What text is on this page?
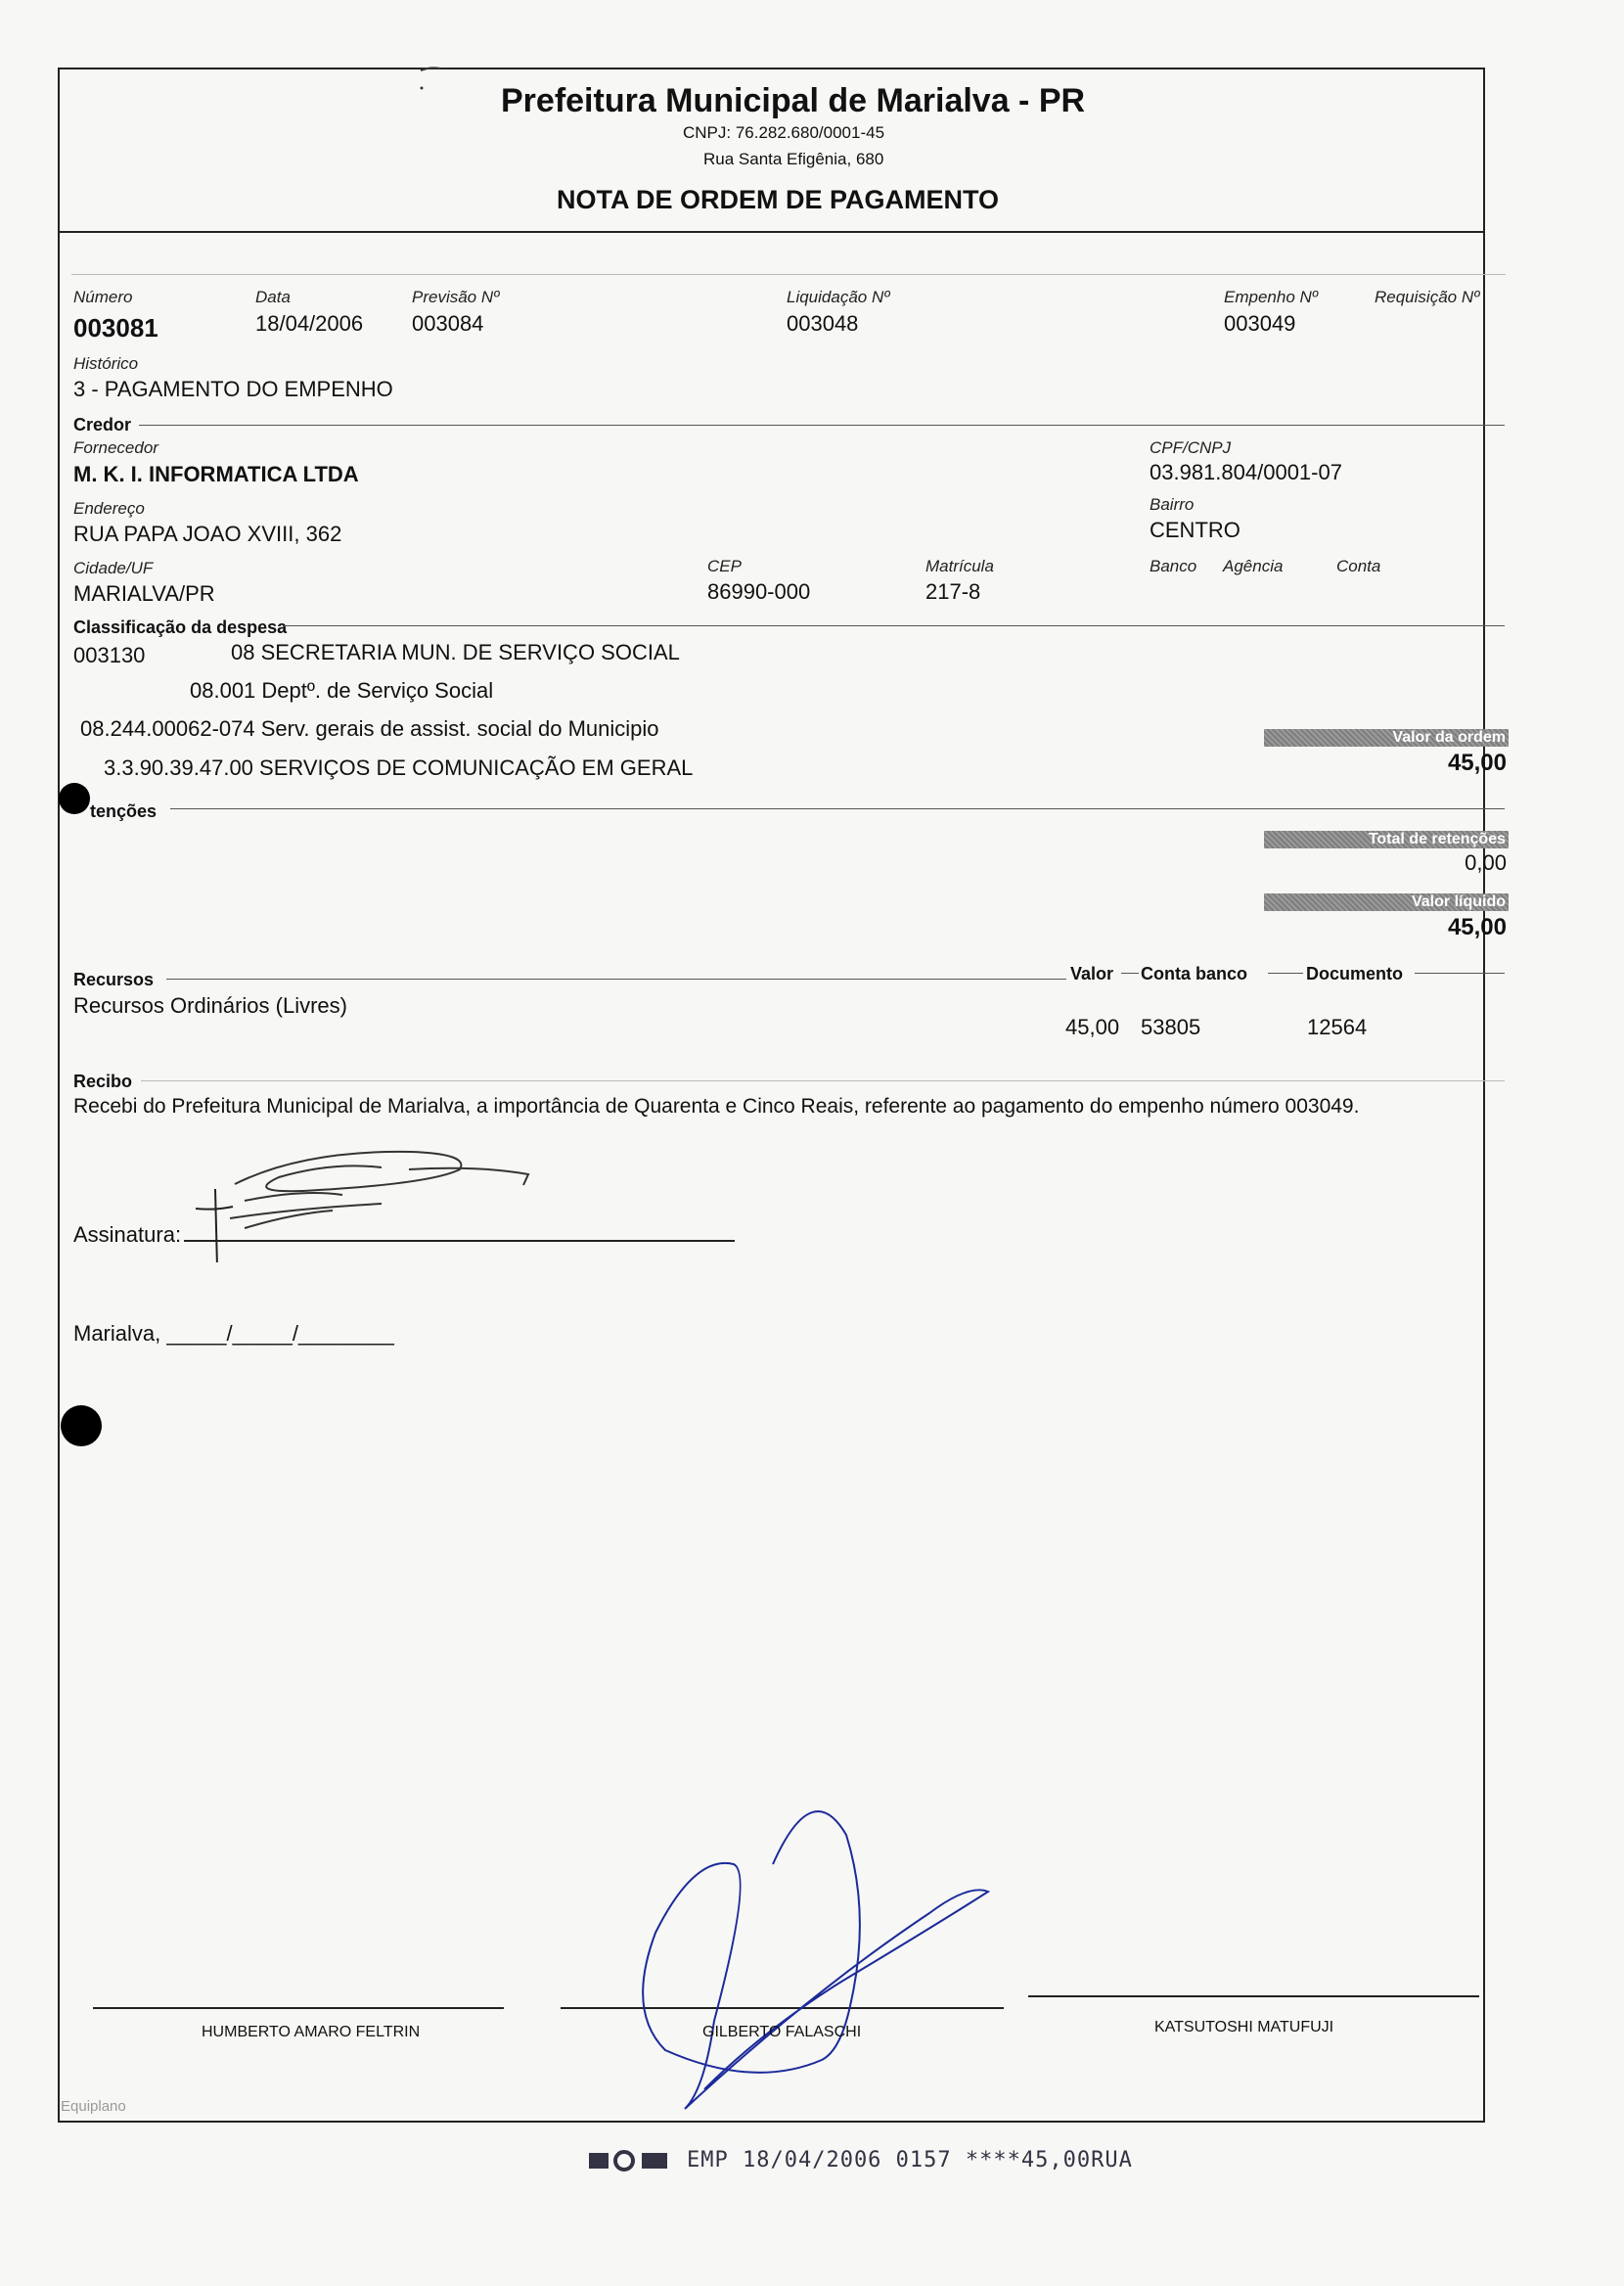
Prefeitura Municipal de Marialva - PR
CNPJ: 76.282.680/0001-45
Rua Santa Efigênia, 680
NOTA DE ORDEM DE PAGAMENTO
Número
003081
Data
18/04/2006
Previsão Nº
003084
Liquidação Nº
003048
Empenho Nº
003049
Requisição Nº
Histórico
3 - PAGAMENTO DO EMPENHO
Credor
Fornecedor
M. K. I. INFORMATICA LTDA
CPF/CNPJ
03.981.804/0001-07
Endereço
RUA PAPA JOAO XVIII, 362
Bairro
CENTRO
Cidade/UF
MARIALVA/PR
CEP
86990-000
Matrícula
217-8
Banco Agência	Conta
Classificação da despesa
003130	08 SECRETARIA MUN. DE SERVIÇO SOCIAL
08.001 Deptº. de Serviço Social
08.244.00062-074 Serv. gerais de assist. social do Municipio
3.3.90.39.47.00 SERVIÇOS DE COMUNICAÇÃO EM GERAL
Valor da ordem
45,00
tenções
Total de retenções
0,00
Valor líquido
45,00
Recursos	Valor Conta banco	Documento
Recursos Ordinários (Livres)
45,00 53805	12564
Recibo
Recebi do Prefeitura Municipal de Marialva, a importância de Quarenta e Cinco Reais, referente ao pagamento do empenho número 003049.
Assinatura:
Marialva, _____/_____/________
HUMBERTO AMARO FELTRIN	GILBERTO FALASCHI	KATSUTOSHI MATUFUJI
Equiplano
EMP 18/04/2006 0157 ****45,00RUA
